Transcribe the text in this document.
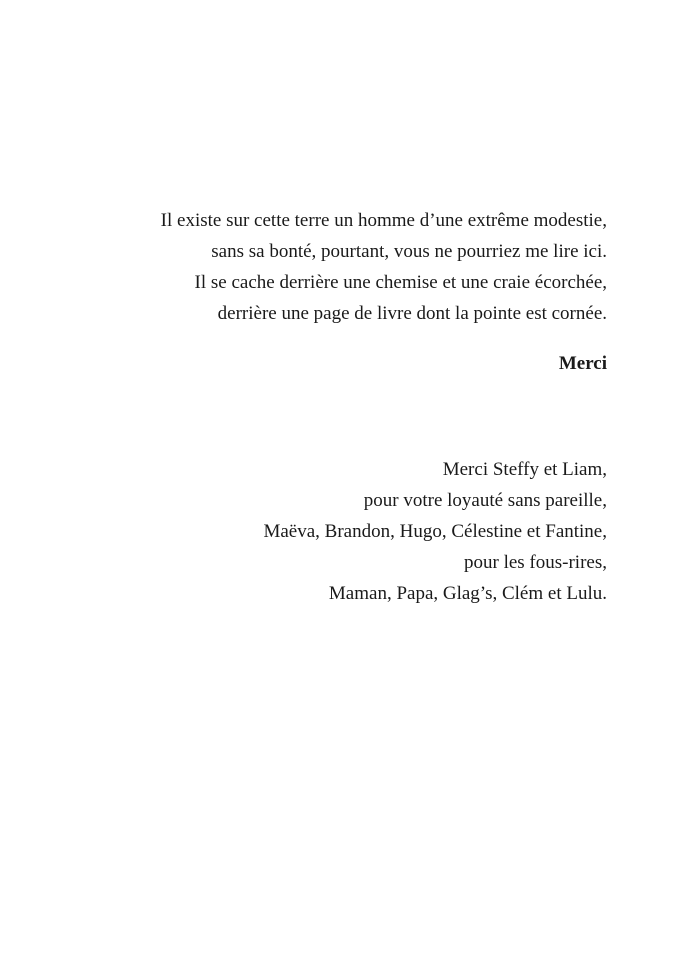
Il existe sur cette terre un homme d’une extrême modestie,
sans sa bonté, pourtant, vous ne pourriez me lire ici.
Il se cache derrière une chemise et une craie écorchée,
derrière une page de livre dont la pointe est cornée.
Merci
Merci Steffy et Liam,
pour votre loyauté sans pareille,
Maëva, Brandon, Hugo, Célestine et Fantine,
pour les fous-rires,
Maman, Papa, Glag’s, Clém et Lulu.
